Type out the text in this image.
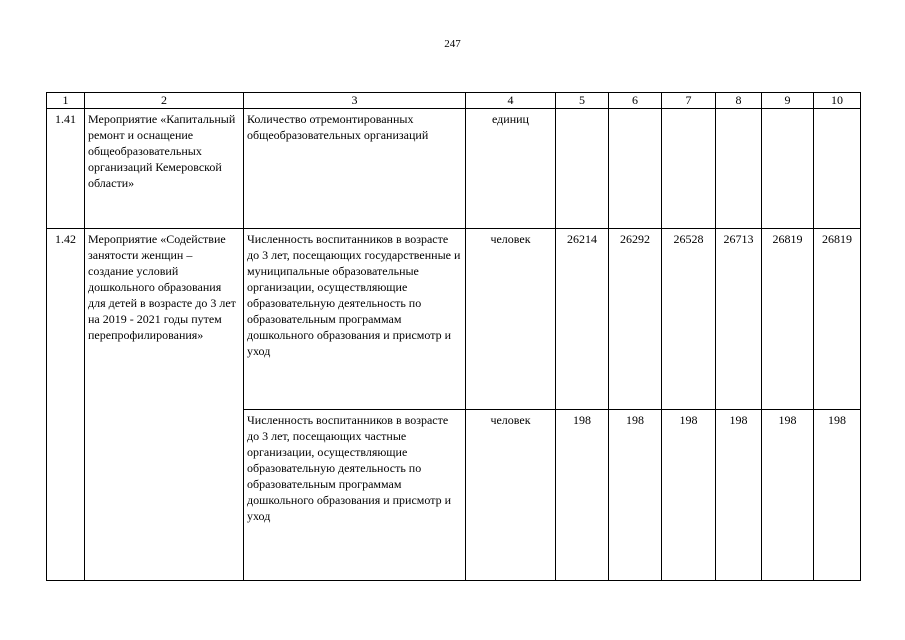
247
1	2	3	4	5	6	7	8	9	10
1.41	Мероприятие «Капитальный ремонт и оснащение общеобразовательных организаций Кемеровской области»	Количество отремонтированных общеобразовательных организаций	единиц						
1.42	Мероприятие «Содействие занятости женщин – создание условий дошкольного образования для детей в возрасте до 3 лет на 2019 - 2021 годы путем перепрофилирования»	Численность воспитанников в возрасте до 3 лет, посещающих государственные и муниципальные образовательные организации, осуществляющие образовательную деятельность по образовательным программам дошкольного образования и присмотр и уход	человек	26214	26292	26528	26713	26819	26819
		Численность воспитанников в возрасте до 3 лет, посещающих частные организации, осуществляющие образовательную деятельность по образовательным программам дошкольного образования и присмотр и уход	человек	198	198	198	198	198	198
